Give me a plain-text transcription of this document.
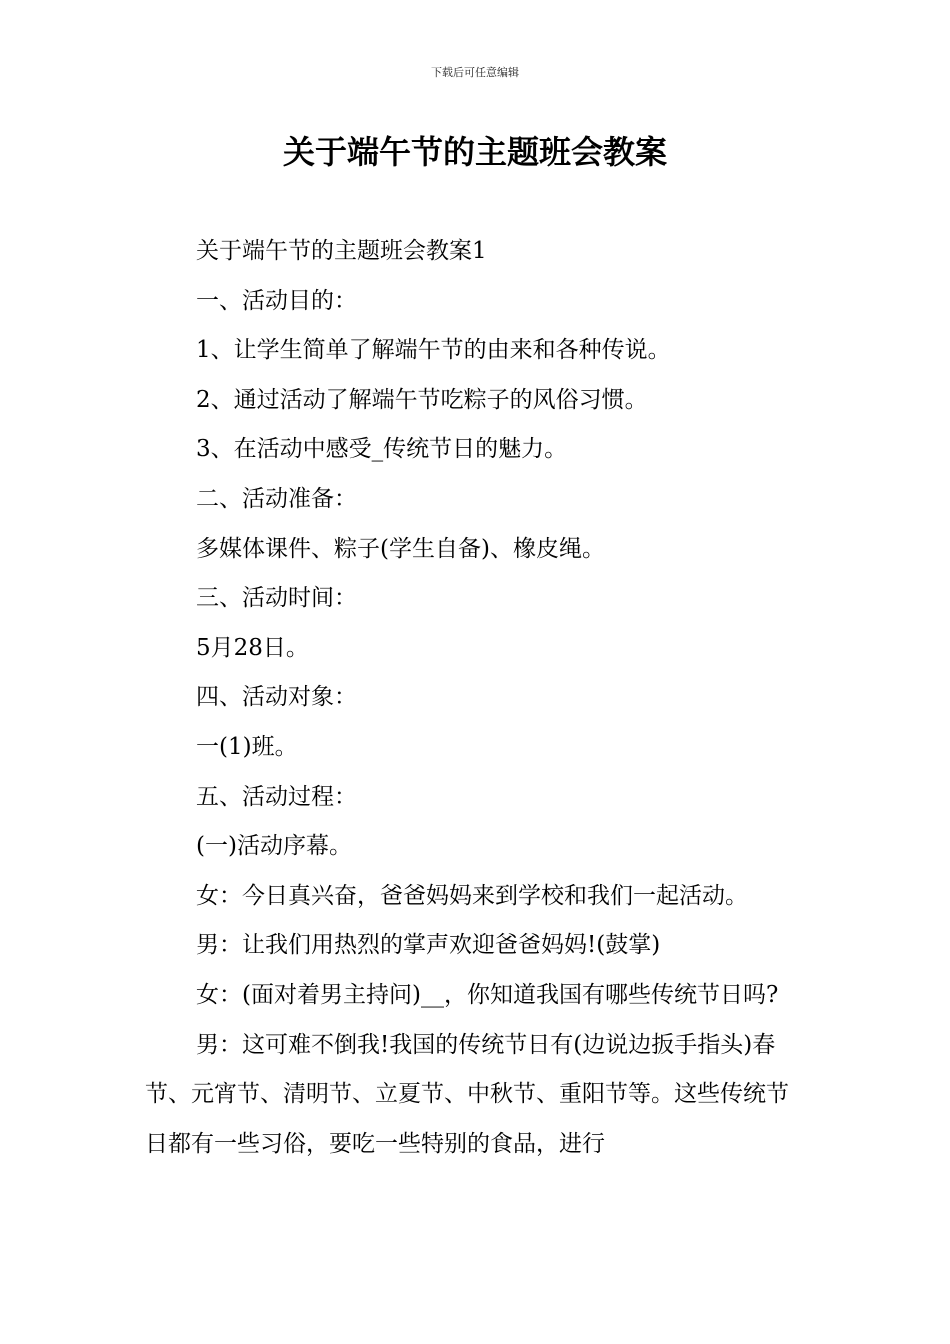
下载后可任意编辑
关于端午节的主题班会教案

关于端午节的主题班会教案1

一、活动目的：

1、让学生简单了解端午节的由来和各种传说。

2、通过活动了解端午节吃粽子的风俗习惯。

3、在活动中感受_传统节日的魅力。

二、活动准备：

多媒体课件、粽子(学生自备)、橡皮绳。

三、活动时间：

5月28日。

四、活动对象：

一(1)班。

五、活动过程：

(一)活动序幕。

女：今日真兴奋，爸爸妈妈来到学校和我们一起活动。

男：让我们用热烈的掌声欢迎爸爸妈妈!(鼓掌)

女：(面对着男主持问)__，你知道我国有哪些传统节日吗?

男：这可难不倒我!我国的传统节日有(边说边扳手指头)春节、元宵节、清明节、立夏节、中秋节、重阳节等。这些传统节日都有一些习俗，要吃一些特别的食品，进行
